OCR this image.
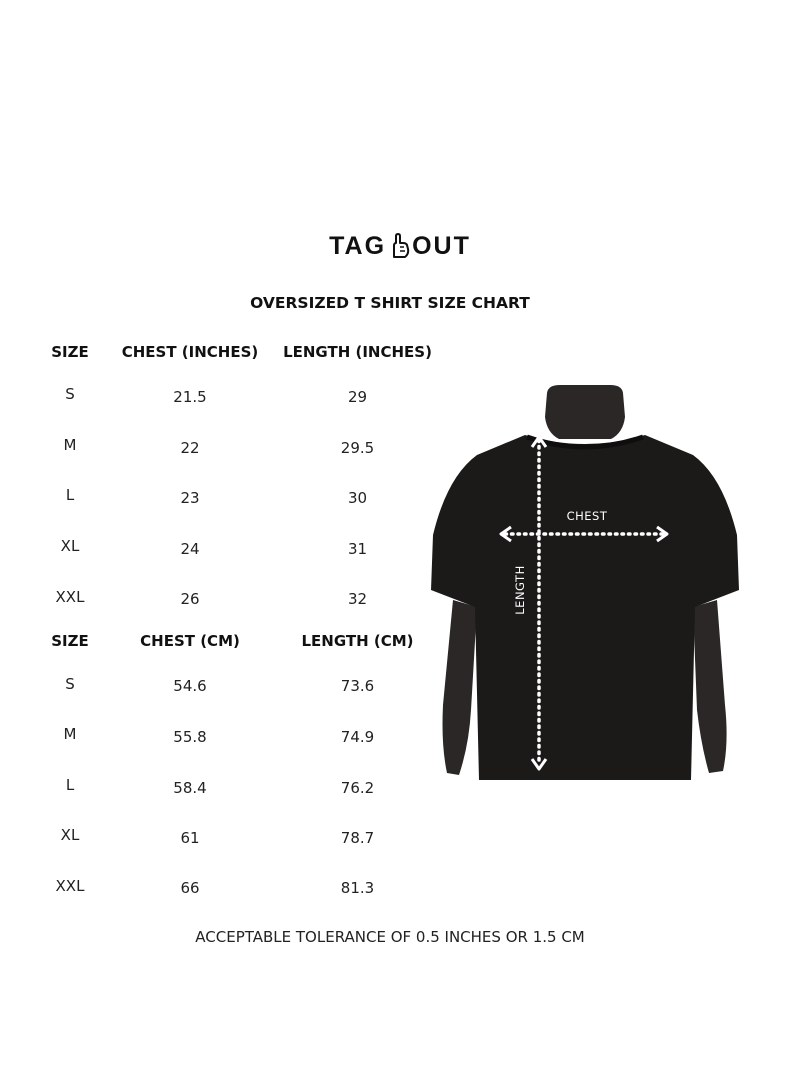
TAG OUT
OVERSIZED T SHIRT SIZE CHART
SIZE	CHEST (INCHES)	LENGTH (INCHES)
S	21.5	29
M	22	29.5
L	23	30
XL	24	31
XXL	26	32
SIZE	CHEST (CM)	LENGTH (CM)
S	54.6	73.6
M	55.8	74.9
L	58.4	76.2
XL	61	78.7
XXL	66	81.3
CHEST
LENGTH
ACCEPTABLE TOLERANCE OF 0.5 INCHES OR 1.5 CM
